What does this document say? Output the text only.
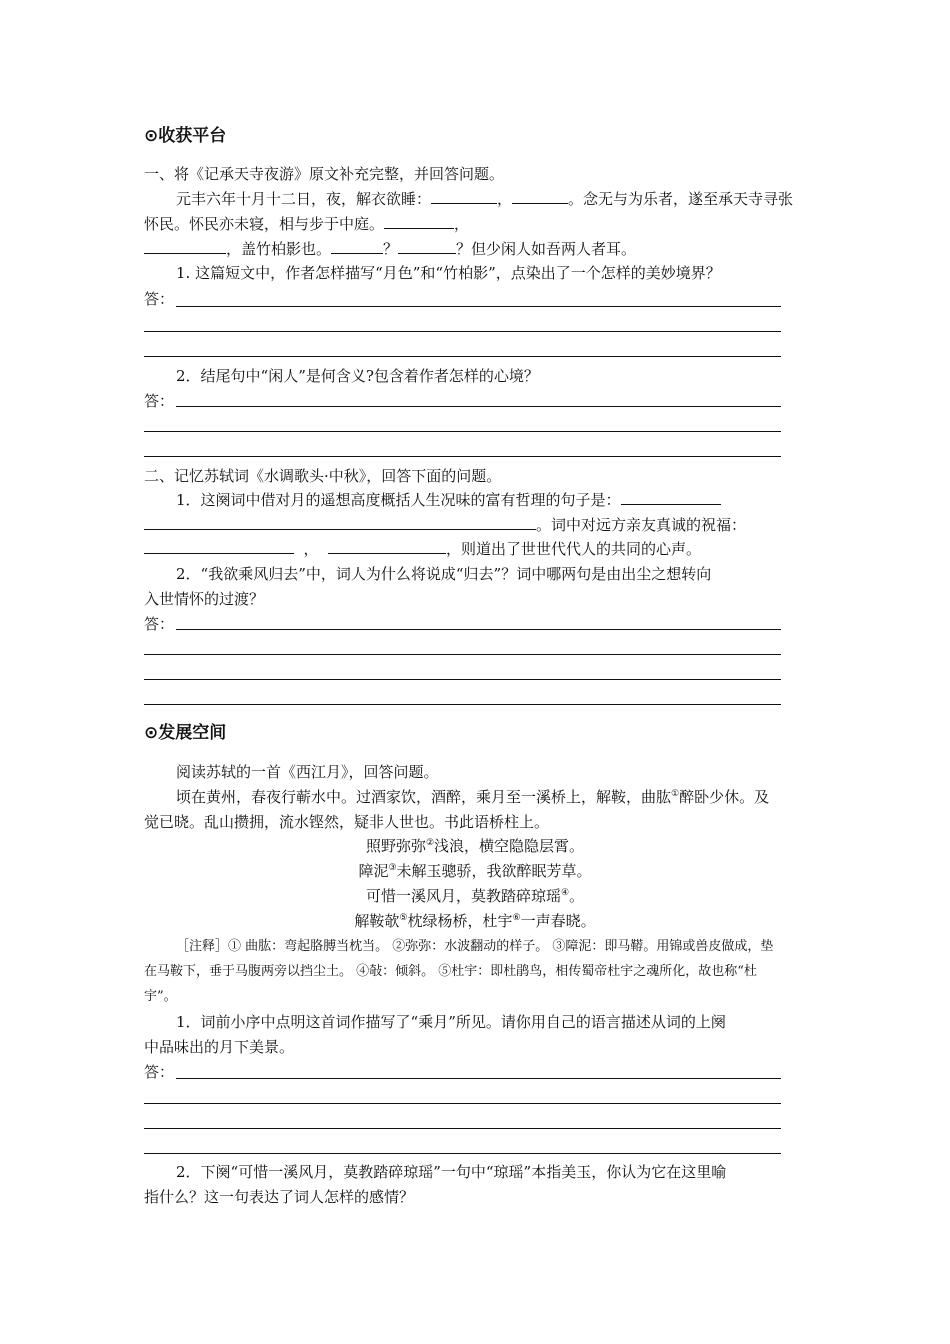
⊙收获平台
一、将《记承天寺夜游》原文补充完整，并回答问题。
元丰六年十月十二日，夜，解衣欲睡：	，	。念无与为乐者，遂至承天寺寻张
怀民。怀民亦未寝，相与步于中庭。	，
，盖竹柏影也。	？	？但少闲人如吾两人者耳。
1. 这篇短文中，作者怎样描写“月色”和“竹柏影”，点染出了一个怎样的美妙境界？
答：
2．结尾句中“闲人”是何含义?包含着作者怎样的心境？
答：
二、记忆苏轼词《水调歌头·中秋》，回答下面的问题。
1．这阕词中借对月的遥想高度概括人生况味的富有哲理的句子是：
。词中对远方亲友真诚的祝福：
，	，则道出了世世代代人的共同的心声。
2．“我欲乘风归去”中，词人为什么将说成“归去”？词中哪两句是由出尘之想转向
入世情怀的过渡？
答：
⊙发展空间
阅读苏轼的一首《西江月》，回答问题。
顷在黄州，春夜行蕲水中。过酒家饮，酒醉，乘月至一溪桥上，解鞍，曲肱①醉卧少休。及
觉已晓。乱山攒拥，流水铿然，疑非人世也。书此语桥柱上。
照野弥弥②浅浪，横空隐隐层霄。
障泥③未解玉骢骄，我欲醉眠芳草。
可惜一溪风月，莫教踏碎琼瑶④。
解鞍欹⑤枕绿杨桥，杜宇⑥一声春晓。
［注释］① 曲肱：弯起胳膊当枕当。 ②弥弥：水波翻动的样子。 ③障泥：即马鞯。用锦或兽皮做成，垫
在马鞍下，垂于马腹两旁以挡尘土。 ④敧：倾斜。 ⑤杜宇：即杜鹃鸟，相传蜀帝杜宇之魂所化，故也称“杜
宇”。
1．词前小序中点明这首词作描写了“乘月”所见。请你用自己的语言描述从词的上阕
中品味出的月下美景。
答：
2．下阕“可惜一溪风月，莫教踏碎琼瑶”一句中“琼瑶”本指美玉，你认为它在这里喻
指什么？这一句表达了词人怎样的感情？
